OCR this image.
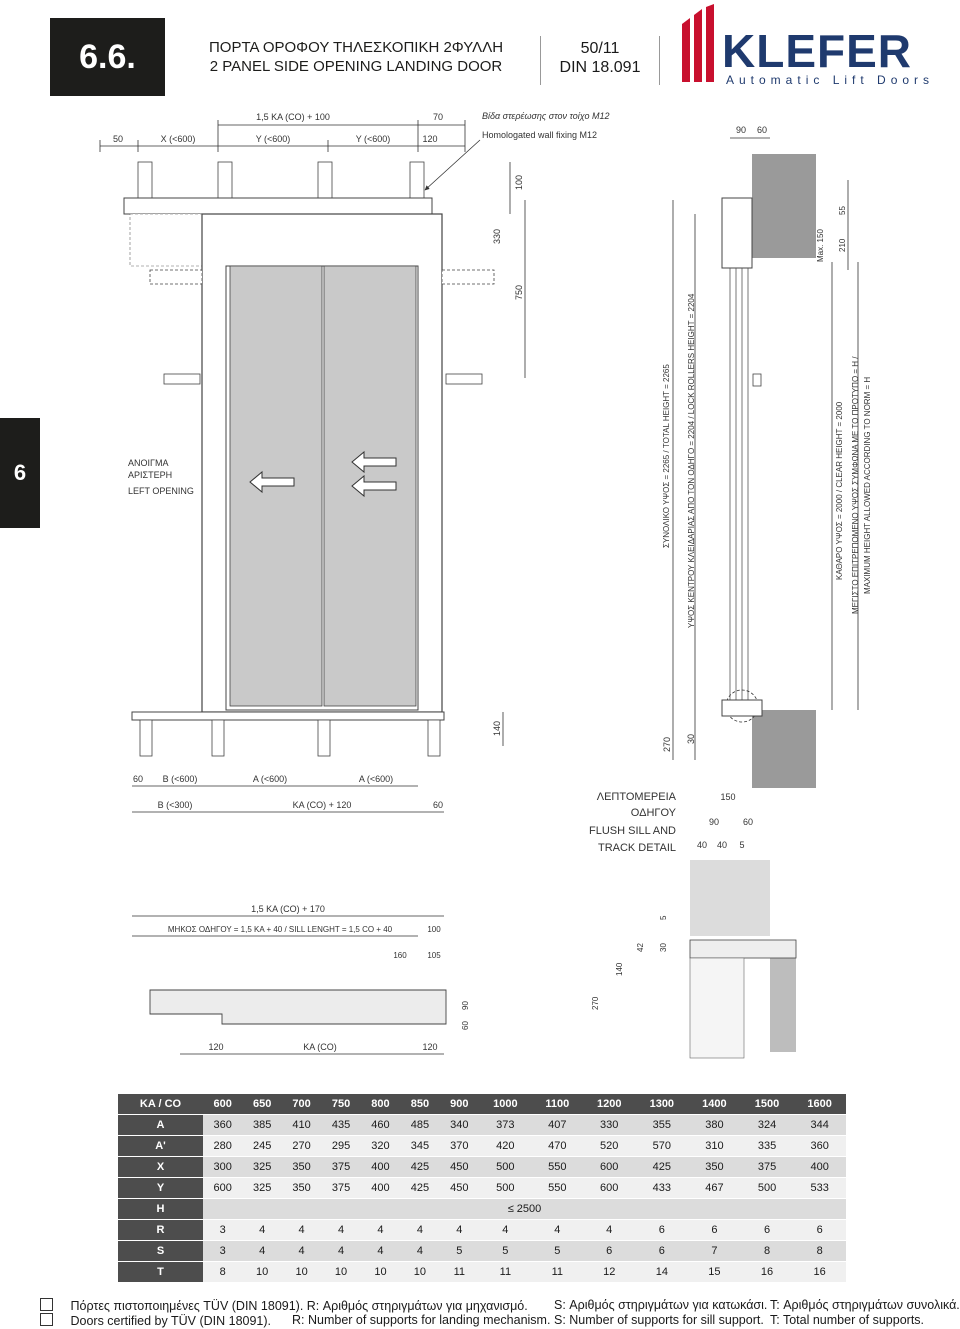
6.6.	ΠΟΡΤΑ ΟΡΟΦΟΥ ΤΗΛΕΣΚΟΠΙΚΗ 2ΦΥΛΛΗ
2 PANEL SIDE OPENING LANDING DOOR
50/11
DIN 18.091	KLEFER
Automatic Lift Doors
6
50	X (<600)	Y (<600)	Y (<600)	120
1,5 KA (CO) + 100	70	Βίδα στερέωσης στον τοίχο M12
Homologated wall fixing M12
ΑΝΟΙΓΜΑ
ΑΡΙΣΤΕΡΗ
LEFT OPENING
100
330
750
140
270 30
ΣΥΝΟΛΙΚΟ ΥΨΟΣ = 2265 / TOTAL HEIGHT = 2265 ΥΨΟΣ ΚΕΝΤΡΟΥ ΚΛΕΙΔΑΡΙΑΣ ΑΠΟ ΤΟΝ ΟΔΗΓΟ = 2204 / LOCK ROLLERS HEIGHT = 2204	ΚΑΘΑΡΟ ΥΨΟΣ = 2000 / CLEAR HEIGHT = 2000 ΜΕΓΙΣΤΟ ΕΠΙΤΡΕΠΟΜΕΝΟ ΥΨΟΣ ΣΥΜΦΩΝΑ ΜΕ ΤΟ ΠΡΟΤΥΠΟ = H / MAXIMUM HEIGHT ALLOWED ACCORDING TO NORM = H
90 60
55
210
Max. 150
60 B (<600)	A (<600)	A (<600)
B (<300)	KA (CO) + 120	60
ΛΕΠΤΟΜΕΡΕΙΑ
ΟΔΗΓΟΥ
FLUSH SILL AND
TRACK DETAIL
150
90	60
40 40 5
5
42 30
140
270
1,5 KA (CO) + 170
ΜΗΚΟΣ ΟΔΗΓΟΥ = 1,5 KA + 40 / SILL LENGHT = 1,5 CO + 40	100
160	105
60
90
120	KA (CO)	120
KA / CO	600	650	700	750	800	850	900	1000	1100	1200	1300	1400	1500	1600
A	360	385	410	435	460	485	340	373	407	330	355	380	324	344
A'	280	245	270	295	320	345	370	420	470	520	570	310	335	360
X	300	325	350	375	400	425	450	500	550	600	425	350	375	400
Y	600	325	350	375	400	425	450	500	550	600	433	467	500	533
H	≤ 2500													
R	3	4	4	4	4	4	4	4	4	4	6	6	6	6
S	3	4	4	4	4	4	5	5	5	6	6	7	8	8
T	8	10	10	10	10	10	11	11	11	12	14	15	16	16
Πόρτες πιστοποιημένες TÜV (DIN 18091). R: Αριθμός στηριγμάτων για μηχανισμό. S: Αριθμός στηριγμάτων για κατωκάσι. T: Αριθμός στηριγμάτων συνολικά.
Doors certified by TÜV (DIN 18091). R: Number of supports for landing mechanism. S: Number of supports for sill support. T: Total number of supports.
